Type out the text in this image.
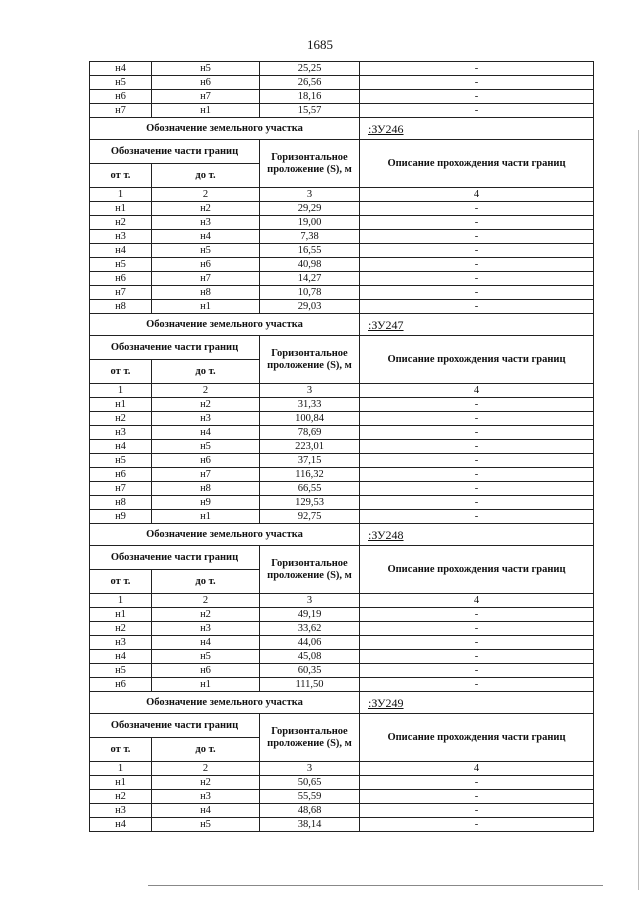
1685
н4	н5	25,25	-
н5	н6	26,56	-
н6	н7	18,16	-
н7	н1	15,57	-
Обозначение земельного участка			:ЗУ246
Обозначение части границ		Горизонтальное проложение (S), м	Описание прохождения части границ
от т.	до т.		
1	2	3	4
н1	н2	29,29	-
н2	н3	19,00	-
н3	н4	7,38	-
н4	н5	16,55	-
н5	н6	40,98	-
н6	н7	14,27	-
н7	н8	10,78	-
н8	н1	29,03	-
Обозначение земельного участка			:ЗУ247
Обозначение части границ		Горизонтальное проложение (S), м	Описание прохождения части границ
от т.	до т.		
1	2	3	4
н1	н2	31,33	-
н2	н3	100,84	-
н3	н4	78,69	-
н4	н5	223,01	-
н5	н6	37,15	-
н6	н7	116,32	-
н7	н8	66,55	-
н8	н9	129,53	-
н9	н1	92,75	-
Обозначение земельного участка			:ЗУ248
Обозначение части границ		Горизонтальное проложение (S), м	Описание прохождения части границ
от т.	до т.		
1	2	3	4
н1	н2	49,19	-
н2	н3	33,62	-
н3	н4	44,06	-
н4	н5	45,08	-
н5	н6	60,35	-
н6	н1	111,50	-
Обозначение земельного участка			:ЗУ249
Обозначение части границ		Горизонтальное проложение (S), м	Описание прохождения части границ
от т.	до т.		
1	2	3	4
н1	н2	50,65	-
н2	н3	55,59	-
н3	н4	48,68	-
н4	н5	38,14	-
